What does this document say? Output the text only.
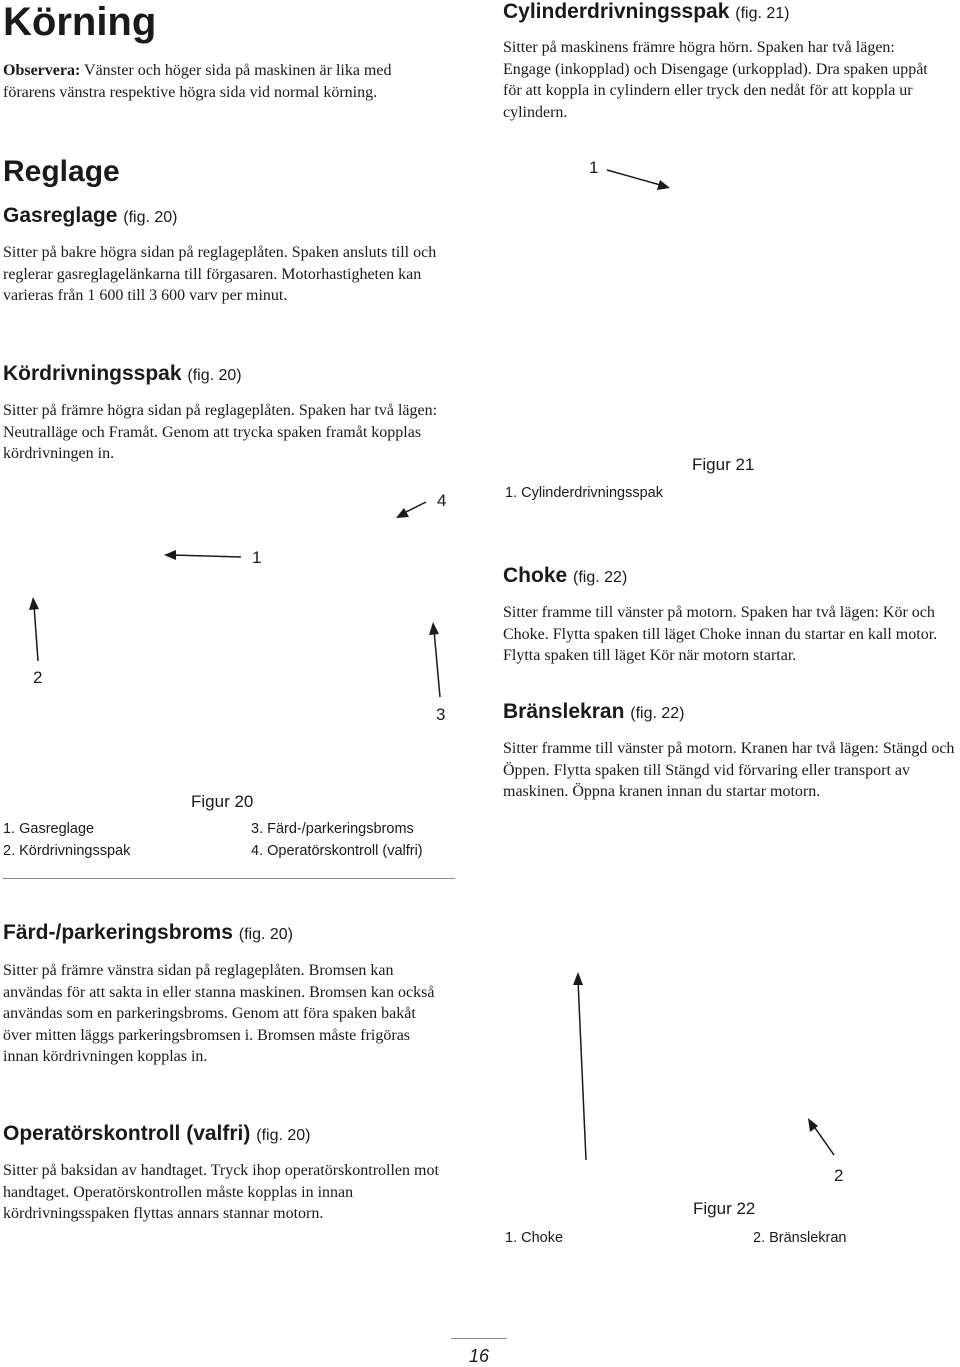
Körning
Observera: Vänster och höger sida på maskinen är lika med förarens vänstra respektive högra sida vid normal körning.
Reglage
Gasreglage (fig. 20)
Sitter på bakre högra sidan på reglageplåten. Spaken ansluts till och reglerar gasreglagelänkarna till förgasaren. Motorhastigheten kan varieras från 1 600 till 3 600 varv per minut.
Kördrivningsspak (fig. 20)
Sitter på främre högra sidan på reglageplåten. Spaken har två lägen: Neutralläge och Framåt. Genom att trycka spaken framåt kopplas kördrivningen in.
Cylinderdrivningsspak (fig. 21)
Sitter på maskinens främre högra hörn. Spaken har två lägen: Engage (inkopplad) och Disengage (urkopplad). Dra spaken uppåt för att koppla in cylindern eller tryck den nedåt för att koppla ur cylindern.
1
Figur 21
1. Cylinderdrivningsspak
1
2
3
4
Figur 20
1. Gasreglage
2. Kördrivningsspak
3. Färd-/parkeringsbroms
4. Operatörskontroll (valfri)
Choke (fig. 22)
Sitter framme till vänster på motorn. Spaken har två lägen: Kör och Choke. Flytta spaken till läget Choke innan du startar en kall motor. Flytta spaken till läget Kör när motorn startar.
Bränslekran (fig. 22)
Sitter framme till vänster på motorn. Kranen har två lägen: Stängd och Öppen. Flytta spaken till Stängd vid förvaring eller transport av maskinen. Öppna kranen innan du startar motorn.
Färd-/parkeringsbroms (fig. 20)
Sitter på främre vänstra sidan på reglageplåten. Bromsen kan användas för att sakta in eller stanna maskinen. Bromsen kan också användas som en parkeringsbroms. Genom att föra spaken bakåt över mitten läggs parkeringsbromsen i. Bromsen måste frigöras innan kördrivningen kopplas in.
Operatörskontroll (valfri) (fig. 20)
Sitter på baksidan av handtaget. Tryck ihop operatörskontrollen mot handtaget. Operatörskontrollen måste kopplas in innan kördrivningsspaken flyttas annars stannar motorn.
2
Figur 22
1. Choke	2. Bränslekran
16
